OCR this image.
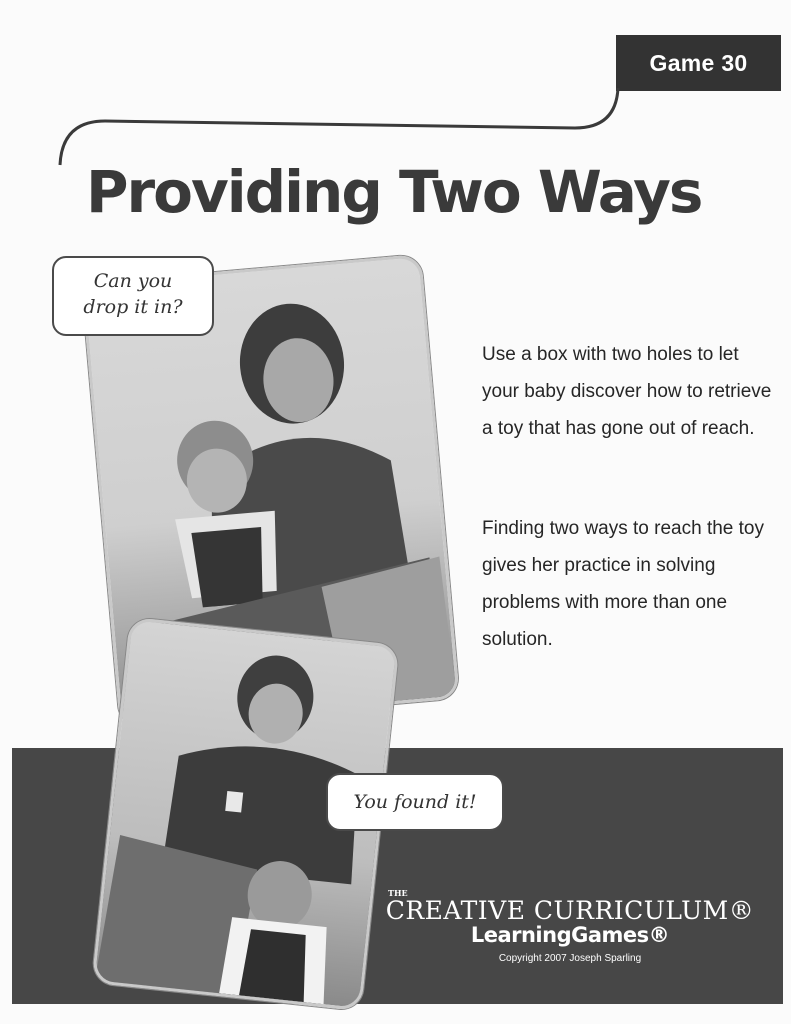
Game 30
Providing Two Ways
Can you
drop it in?
You found it!

Use a box with two holes to let your baby discover how to retrieve a toy that has gone out of reach.

Finding two ways to reach the toy gives her practice in solving problems with more than one solution.

THE
CREATIVE CURRICULUM®
LearningGames®
Copyright 2007 Joseph Sparling
